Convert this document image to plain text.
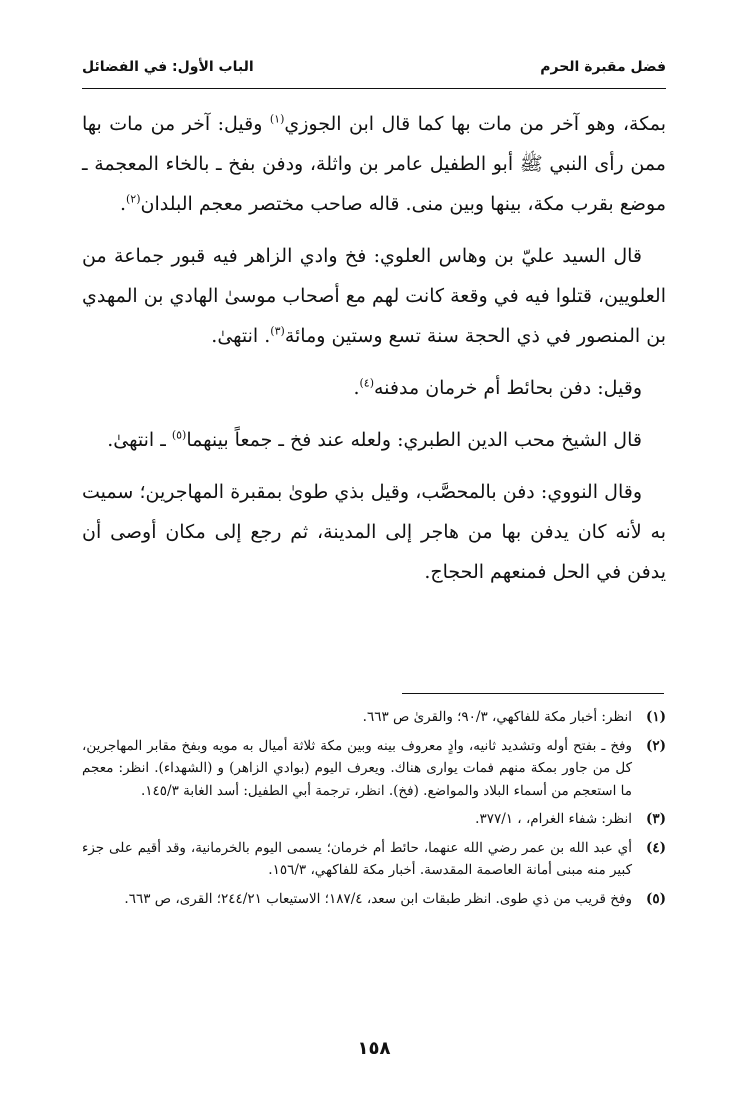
فضل مقبرة الحرم
الباب الأول: في الفضائل

بمكة، وهو آخر من مات بها كما قال ابن الجوزي$^{(١)}$ وقيل: آخر من مات بها ممن رأى النبي ﷺ أبو الطفيل عامر بن واثلة، ودفن بفخ ـ بالخاء المعجمة ـ موضع بقرب مكة، بينها وبين منى. قاله صاحب مختصر معجم البلدان$^{(٢)}$.

قال السيد عليّ بن وهاس العلوي: فخ وادي الزاهر فيه قبور جماعة من العلويين، قتلوا فيه في وقعة كانت لهم مع أصحاب موسىٰ الهادي بن المهدي بن المنصور في ذي الحجة سنة تسع وستين ومائة$^{(٣)}$. انتهىٰ.

وقيل: دفن بحائط أم خرمان مدفنه$^{(٤)}$.

قال الشيخ محب الدين الطبري: ولعله عند فخ ـ جمعاً بينهما$^{(٥)}$ ـ انتهىٰ.

وقال النووي: دفن بالمحصَّب، وقيل بذي طوىٰ بمقبرة المهاجرين؛ سميت به لأنه كان يدفن بها من هاجر إلى المدينة، ثم رجع إلى مكان أوصى أن يدفن في الحل فمنعهم الحجاج.

(١)
انظر: أخبار مكة للفاكهي، ٩٠/٣؛ والقرىٰ ص ٦٦٣.
(٢)
وفخ ـ بفتح أوله وتشديد ثانيه، وادٍ معروف بينه وبين مكة ثلاثة أميال به مويه وبفخ مقابر المهاجرين، كل من جاور بمكة منهم فمات يوارى هناك. ويعرف اليوم (بوادي الزاهر) و (الشهداء). انظر: معجم ما استعجم من أسماء البلاد والمواضع. (فخ). انظر، ترجمة أبي الطفيل: أسد الغابة ١٤٥/٣.
(٣)
انظر: شفاء الغرام، ، ٣٧٧/١.
(٤)
أي عبد الله بن عمر رضي الله عنهما، حائط أم خرمان؛ يسمى اليوم بالخرمانية، وقد أقيم على جزء كبير منه مبنى أمانة العاصمة المقدسة. أخبار مكة للفاكهي، ١٥٦/٣.
(٥)
وفخ قريب من ذي طوى. انظر طبقات ابن سعد، ١٨٧/٤؛ الاستيعاب ٢٤٤/٢١؛ القرى، ص ٦٦٣.
١٥٨
